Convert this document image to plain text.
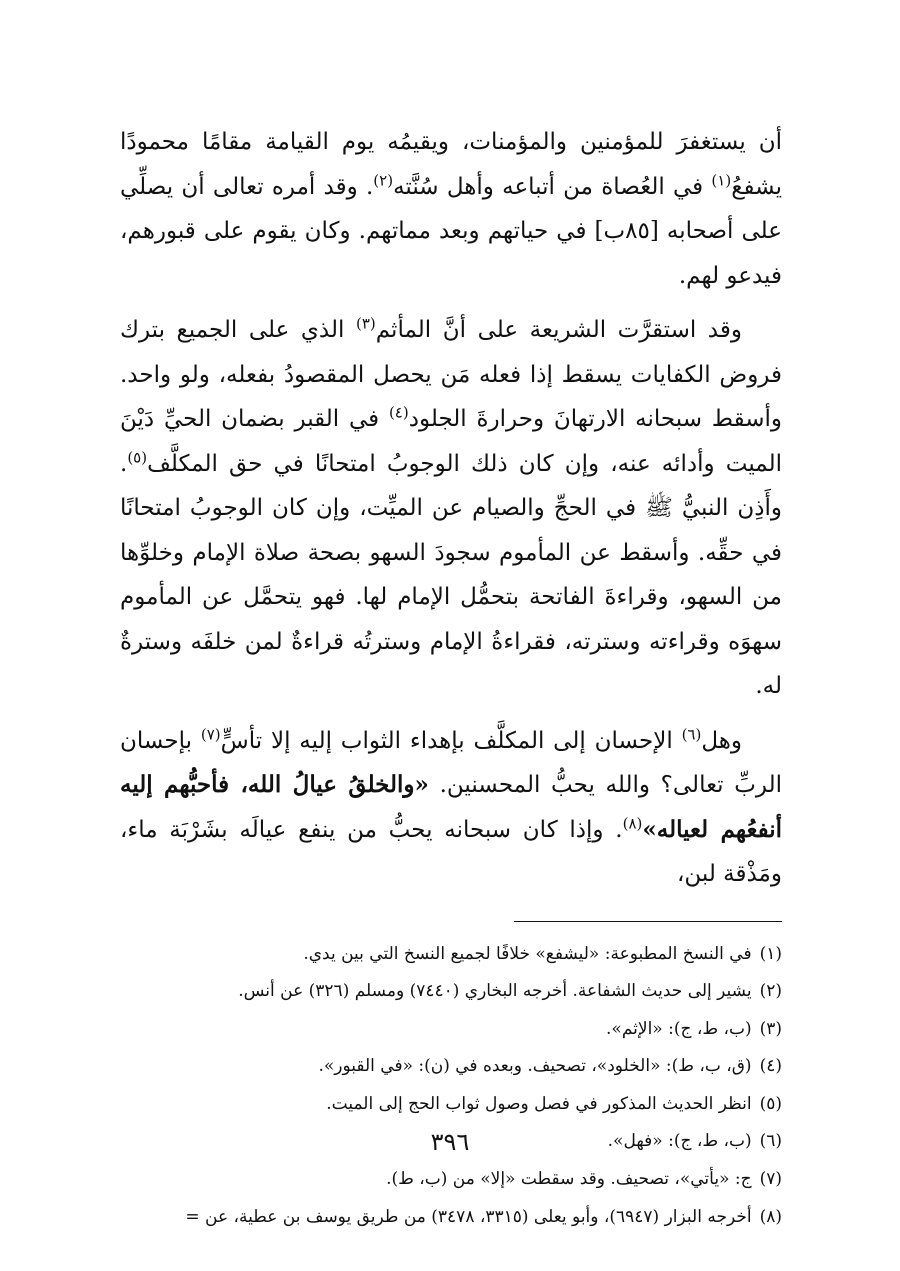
أن يستغفرَ للمؤمنين والمؤمنات، ويقيمُه يوم القيامة مقامًا محمودًا يشفعُ$^{(١)}$ في العُصاة من أتباعه وأهل سُنَّته$^{(٢)}$. وقد أمره تعالى أن يصلِّي على أصحابه [٨٥ب] في حياتهم وبعد مماتهم. وكان يقوم على قبورهم، فيدعو لهم.

وقد استقرَّت الشريعة على أنَّ المأثم$^{(٣)}$ الذي على الجميع بترك فروض الكفايات يسقط إذا فعله مَن يحصل المقصودُ بفعله، ولو واحد. وأسقط سبحانه الارتهانَ وحرارةَ الجلود$^{(٤)}$ في القبر بضمان الحيِّ دَيْنَ الميت وأدائه عنه، وإن كان ذلك الوجوبُ امتحانًا في حق المكلَّف$^{(٥)}$. وأَذِن النبيُّ ﷺ في الحجِّ والصيام عن الميِّت، وإن كان الوجوبُ امتحانًا في حقِّه. وأسقط عن المأموم سجودَ السهو بصحة صلاة الإمام وخلوِّها من السهو، وقراءةَ الفاتحة بتحمُّل الإمام لها. فهو يتحمَّل عن المأموم سهوَه وقراءته وسترته، فقراءةُ الإمام وسترتُه قراءةٌ لمن خلفَه وسترةٌ له.

وهل$^{(٦)}$ الإحسان إلى المكلَّف بإهداء الثواب إليه إلا تأسٍّ$^{(٧)}$ بإحسان الربِّ تعالى؟ والله يحبُّ المحسنين. «والخلقُ عيالُ الله، فأحبُّهم إليه أنفعُهم لعياله»$^{(٨)}$. وإذا كان سبحانه يحبُّ من ينفع عيالَه بشَرْبَة ماء، ومَذْقة لبن،

(١)في النسخ المطبوعة: «ليشفع» خلافًا لجميع النسخ التي بين يدي.

(٢)يشير إلى حديث الشفاعة. أخرجه البخاري (٧٤٤٠) ومسلم (٣٢٦) عن أنس.

(٣)(ب، ط، ج): «الإثم».

(٤)(ق، ب، ط): «الخلود»، تصحيف. وبعده في (ن): «في القبور».

(٥)انظر الحديث المذكور في فصل وصول ثواب الحج إلى الميت.

(٦)(ب، ط، ج): «فهل».

(٧)ج: «يأتي»، تصحيف. وقد سقطت «إلا» من (ب، ط).

(٨)أخرجه البزار (٦٩٤٧)، وأبو يعلى (٣٣١٥، ٣٤٧٨) من طريق يوسف بن عطية، عن =

٣٩٦
